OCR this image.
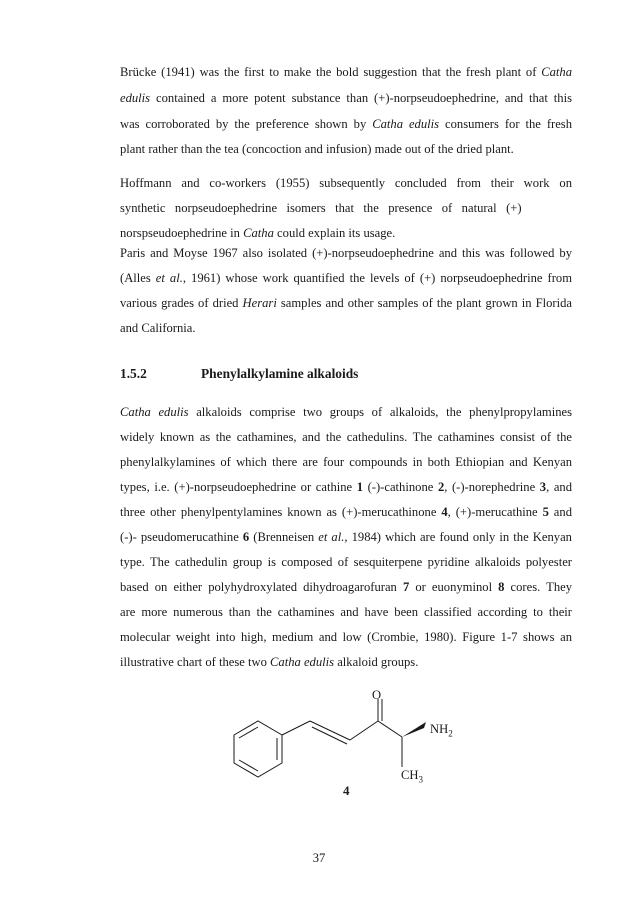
Brücke (1941) was the first to make the bold suggestion that the fresh plant of Catha
edulis contained a more potent substance than (+)-norpseudoephedrine, and that this
was corroborated by the preference shown by Catha edulis consumers for the fresh
plant rather than the tea (concoction and infusion) made out of the dried plant.
Hoffmann and co-workers (1955) subsequently concluded from their work on
synthetic   norpseudoephedrine   isomers   that   the   presence   of   natural   (+)
norspseudoephedrine in Catha could explain its usage.
Paris and Moyse 1967 also isolated (+)-norpseudoephedrine and this was followed by
(Alles et al., 1961) whose work quantified the levels of (+) norpseudoephedrine from
various grades of dried Herari samples and other samples of the plant grown in Florida
and California.
1.5.2	Phenylalkylamine alkaloids
Catha edulis alkaloids comprise two groups of alkaloids, the phenylpropylamines
widely known as the cathamines, and the cathedulins. The cathamines consist of the
phenylalkylamines of which there are four compounds in both Ethiopian and Kenyan
types, i.e. (+)-norpseudoephedrine or cathine 1 (-)-cathinone 2, (-)-norephedrine 3, and
three other phenylpentylamines known as (+)-merucathinone 4, (+)-merucathine 5 and
(-)- pseudomerucathine 6 (Brenneisen et al., 1984) which are found only in the Kenyan
type. The cathedulin group is composed of sesquiterpene pyridine alkaloids polyester
based on either polyhydroxylated dihydroagarofuran 7 or euonyminol 8 cores. They
are more numerous than the cathamines and have been classified according to their
molecular weight into high, medium and low (Crombie, 1980). Figure 1-7 shows an
illustrative chart of these two Catha edulis alkaloid groups.
O
$NH_2$
$CH_3$
4
37
